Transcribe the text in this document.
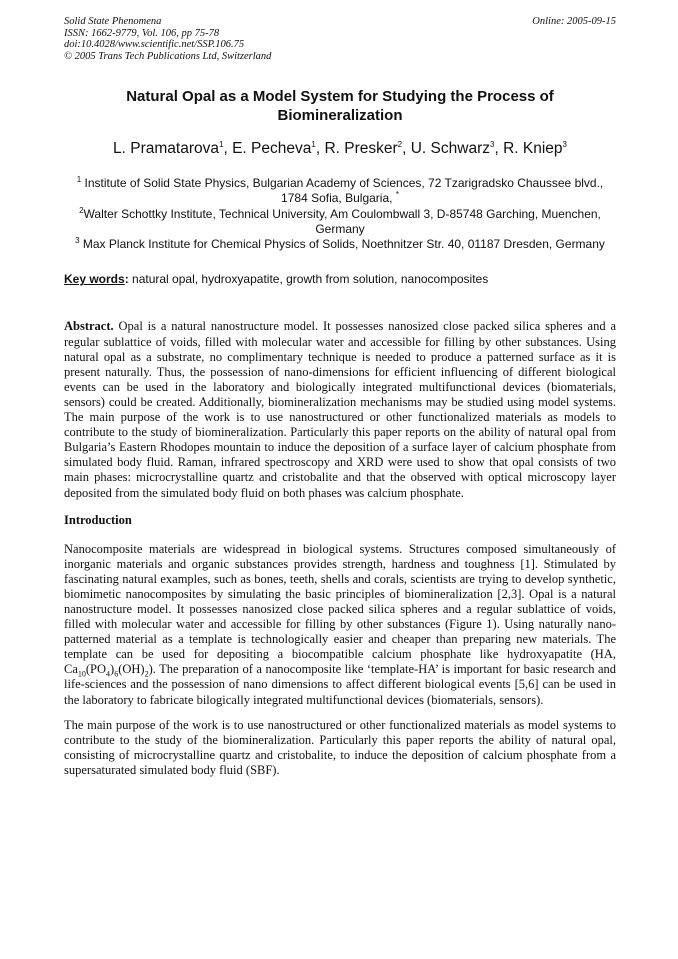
Solid State Phenomena
ISSN: 1662-9779, Vol. 106, pp 75-78
doi:10.4028/www.scientific.net/SSP.106.75
© 2005 Trans Tech Publications Ltd, Switzerland
Online: 2005-09-15
Natural Opal as a Model System for Studying the Process of Biomineralization
L. Pramatarova$^1$, E. Pecheva$^1$, R. Presker$^2$, U. Schwarz$^3$, R. Kniep$^3$
$^1$ Institute of Solid State Physics, Bulgarian Academy of Sciences, 72 Tzarigradsko Chaussee blvd., 1784 Sofia, Bulgaria, *
$^2$Walter Schottky Institute, Technical University, Am Coulombwall 3, D-85748 Garching, Muenchen, Germany
$^3$ Max Planck Institute for Chemical Physics of Solids, Noethnitzer Str. 40, 01187 Dresden, Germany
Key words: natural opal, hydroxyapatite, growth from solution, nanocomposites
Abstract. Opal is a natural nanostructure model. It possesses nanosized close packed silica spheres and a regular sublattice of voids, filled with molecular water and accessible for filling by other substances. Using natural opal as a substrate, no complimentary technique is needed to produce a patterned surface as it is present naturally. Thus, the possession of nano-dimensions for efficient influencing of different biological events can be used in the laboratory and biologically integrated multifunctional devices (biomaterials, sensors) could be created. Additionally, biomineralization mechanisms may be studied using model systems. The main purpose of the work is to use nanostructured or other functionalized materials as models to contribute to the study of biomineralization. Particularly this paper reports on the ability of natural opal from Bulgaria’s Eastern Rhodopes mountain to induce the deposition of a surface layer of calcium phosphate from simulated body fluid. Raman, infrared spectroscopy and XRD were used to show that opal consists of two main phases: microcrystalline quartz and cristobalite and that the observed with optical microscopy layer deposited from the simulated body fluid on both phases was calcium phosphate.
Introduction
Nanocomposite materials are widespread in biological systems. Structures composed simultaneously of inorganic materials and organic substances provides strength, hardness and toughness [1]. Stimulated by fascinating natural examples, such as bones, teeth, shells and corals, scientists are trying to develop synthetic, biomimetic nanocomposites by simulating the basic principles of biomineralization [2,3]. Opal is a natural nanostructure model. It possesses nanosized close packed silica spheres and a regular sublattice of voids, filled with molecular water and accessible for filling by other substances (Figure 1). Using naturally nano-patterned material as a template is technologically easier and cheaper than preparing new materials. The template can be used for depositing a biocompatible calcium phosphate like hydroxyapatite (HA, $Ca_{10}(PO_4)_6(OH)_2$). The preparation of a nanocomposite like ‘template-HA’ is important for basic research and life-sciences and the possession of nano dimensions to affect different biological events [5,6] can be used in the laboratory to fabricate bilogically integrated multifunctional devices (biomaterials, sensors).
The main purpose of the work is to use nanostructured or other functionalized materials as model systems to contribute to the study of the biomineralization. Particularly this paper reports the ability of natural opal, consisting of microcrystalline quartz and cristobalite, to induce the deposition of calcium phosphate from a supersaturated simulated body fluid (SBF).
